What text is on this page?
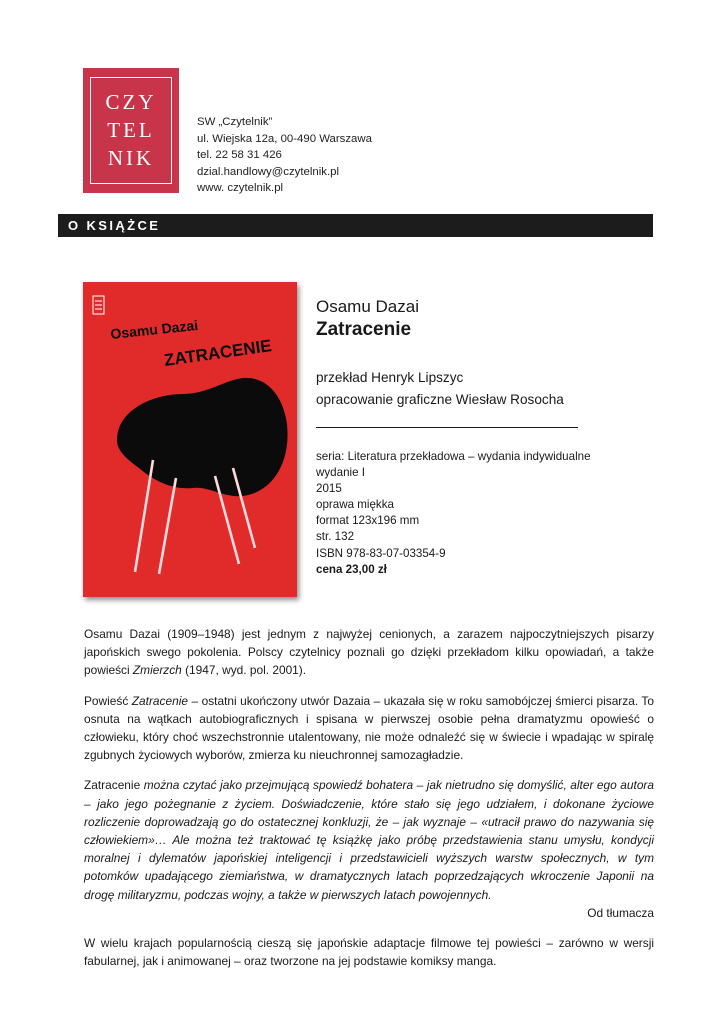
CZY
TEL
NIK
SW „Czytelnik”
ul. Wiejska 12a, 00-490 Warszawa
tel. 22 58 31 426
dzial.handlowy@czytelnik.pl
www. czytelnik.pl
O KSIĄŻCE
Osamu Dazai
ZATRACENIE
Osamu Dazai
Zatracenie
przekład Henryk Lipszyc
opracowanie graficzne Wiesław Rosocha
seria: Literatura przekładowa – wydania indywidualne
wydanie I
2015
oprawa miękka
format 123x196 mm
str. 132
ISBN 978-83-07-03354-9
cena 23,00 zł

Osamu Dazai (1909–1948) jest jednym z najwyżej cenionych, a zarazem najpoczytniejszych pisarzy japońskich swego pokolenia. Polscy czytelnicy poznali go dzięki przekładom kilku opowiadań, a także powieści Zmierzch (1947, wyd. pol. 2001).

Powieść Zatracenie – ostatni ukończony utwór Dazaia – ukazała się w roku samobójczej śmierci pisarza. To osnuta na wątkach autobiograficznych i spisana w pierwszej osobie pełna dramatyzmu opowieść o człowieku, który choć wszechstronnie utalentowany, nie może odnaleźć się w świecie i wpadając w spiralę zgubnych życiowych wyborów, zmierza ku nieuchronnej samozagładzie.

Zatracenie można czytać jako przejmującą spowiedź bohatera – jak nietrudno się domyślić, alter ego autora – jako jego pożegnanie z życiem. Doświadczenie, które stało się jego udziałem, i dokonane życiowe rozliczenie doprowadzają go do ostatecznej konkluzji, że – jak wyznaje – «utracił prawo do nazywania się człowiekiem»… Ale można też traktować tę książkę jako próbę przedstawienia stanu umysłu, kondycji moralnej i dylematów japońskiej inteligencji i przedstawicieli wyższych warstw społecznych, w tym potomków upadającego ziemiaństwa, w dramatycznych latach poprzedzających wkroczenie Japonii na drogę militaryzmu, podczas wojny, a także w pierwszych latach powojennych.

Od tłumacza

W wielu krajach popularnością cieszą się japońskie adaptacje filmowe tej powieści – zarówno w wersji fabularnej, jak i animowanej – oraz tworzone na jej podstawie komiksy manga.
